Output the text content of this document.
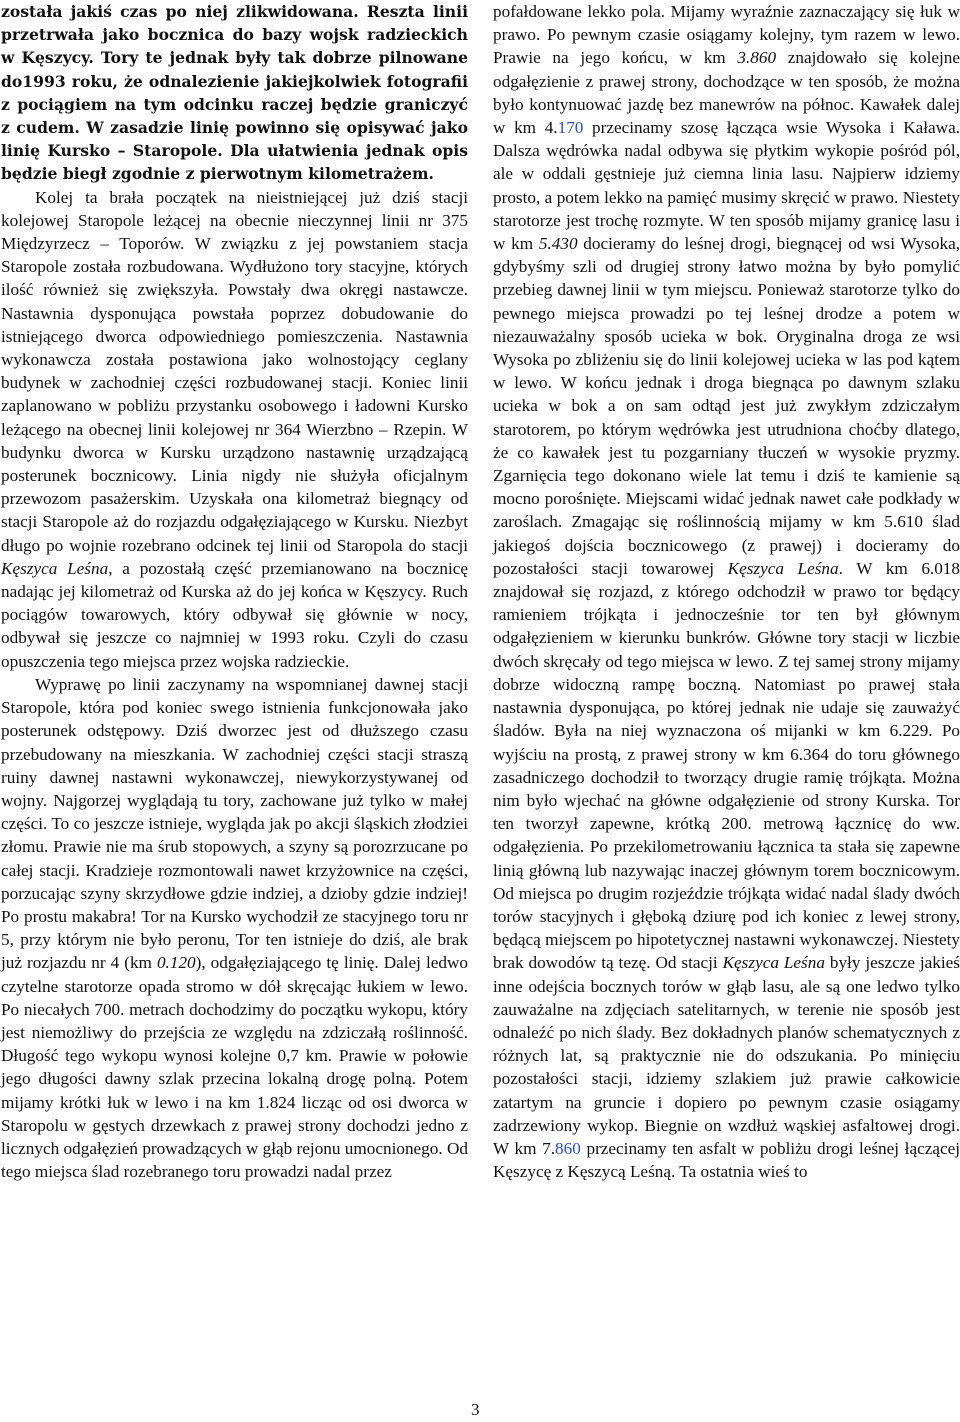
została jakiś czas po niej zlikwidowana. Reszta linii przetrwała jako bocznica do bazy wojsk radzieckich w Kęszycy. Tory te jednak były tak dobrze pilnowane do1993 roku, że odnalezienie jakiejkolwiek fotografii z pociągiem na tym odcinku raczej będzie graniczyć z cudem. W zasadzie linię powinno się opisywać jako linię Kursko – Staropole. Dla ułatwienia jednak opis będzie biegł zgodnie z pierwotnym kilometrażem.

Kolej ta brała początek na nieistniejącej już dziś stacji kolejowej Staropole leżącej na obecnie nieczynnej linii nr 375 Międzyrzecz – Toporów. W związku z jej powstaniem stacja Staropole została rozbudowana. Wydłużono tory stacyjne, których ilość również się zwiększyła. Powstały dwa okręgi nastawcze. Nastawnia dysponująca powstała poprzez dobudowanie do istniejącego dworca odpowiedniego pomieszczenia. Nastawnia wykonawcza została postawiona jako wolnostojący ceglany budynek w zachodniej części rozbudowanej stacji. Koniec linii zaplanowano w pobliżu przystanku osobowego i ładowni Kursko leżącego na obecnej linii kolejowej nr 364 Wierzbno – Rzepin. W budynku dworca w Kursku urządzono nastawnię urządzającą posterunek bocznicowy. Linia nigdy nie służyła oficjalnym przewozom pasażerskim. Uzyskała ona kilometraż biegnący od stacji Staropole aż do rozjazdu odgałęziającego w Kursku. Niezbyt długo po wojnie rozebrano odcinek tej linii od Staropola do stacji Kęszyca Leśna, a pozostałą część przemianowano na bocznicę nadając jej kilometraż od Kurska aż do jej końca w Kęszycy. Ruch pociągów towarowych, który odbywał się głównie w nocy, odbywał się jeszcze co najmniej w 1993 roku. Czyli do czasu opuszczenia tego miejsca przez wojska radzieckie.

Wyprawę po linii zaczynamy na wspomnianej dawnej stacji Staropole, która pod koniec swego istnienia funkcjonowała jako posterunek odstępowy. Dziś dworzec jest od dłuższego czasu przebudowany na mieszkania. W zachodniej części stacji straszą ruiny dawnej nastawni wykonawczej, niewykorzystywanej od wojny. Najgorzej wyglądają tu tory, zachowane już tylko w małej części. To co jeszcze istnieje, wygląda jak po akcji śląskich złodziei złomu. Prawie nie ma śrub stopowych, a szyny są porozrzucane po całej stacji. Kradzieje rozmontowali nawet krzyżownice na części, porzucając szyny skrzydłowe gdzie indziej, a dzioby gdzie indziej! Po prostu makabra! Tor na Kursko wychodził ze stacyjnego toru nr 5, przy którym nie było peronu, Tor ten istnieje do dziś, ale brak już rozjazdu nr 4 (km 0.120), odgałęziającego tę linię. Dalej ledwo czytelne starotorze opada stromo w dół skręcając łukiem w lewo. Po niecałych 700. metrach dochodzimy do początku wykopu, który jest niemożliwy do przejścia ze względu na zdziczałą roślinność. Długość tego wykopu wynosi kolejne 0,7 km. Prawie w połowie jego długości dawny szlak przecina lokalną drogę polną. Potem mijamy krótki łuk w lewo i na km 1.824 licząc od osi dworca w Staropolu w gęstych drzewkach z prawej strony dochodzi jedno z licznych odgałęzień prowadzących w głąb rejonu umocnionego. Od tego miejsca ślad rozebranego toru prowadzi nadal przez

pofałdowane lekko pola. Mijamy wyraźnie zaznaczający się łuk w prawo. Po pewnym czasie osiągamy kolejny, tym razem w lewo. Prawie na jego końcu, w km 3.860 znajdowało się kolejne odgałęzienie z prawej strony, dochodzące w ten sposób, że można było kontynuować jazdę bez manewrów na północ. Kawałek dalej w km 4.170 przecinamy szosę łącząca wsie Wysoka i Kaława. Dalsza wędrówka nadal odbywa się płytkim wykopie pośród pól, ale w oddali gęstnieje już ciemna linia lasu. Najpierw idziemy prosto, a potem lekko na pamięć musimy skręcić w prawo. Niestety starotorze jest trochę rozmyte. W ten sposób mijamy granicę lasu i w km 5.430 docieramy do leśnej drogi, biegnącej od wsi Wysoka, gdybyśmy szli od drugiej strony łatwo można by było pomylić przebieg dawnej linii w tym miejscu. Ponieważ starotorze tylko do pewnego miejsca prowadzi po tej leśnej drodze a potem w niezauważalny sposób ucieka w bok. Oryginalna droga ze wsi Wysoka po zbliżeniu się do linii kolejowej ucieka w las pod kątem w lewo. W końcu jednak i droga biegnąca po dawnym szlaku ucieka w bok a on sam odtąd jest już zwykłym zdziczałym starotorem, po którym wędrówka jest utrudniona choćby dlatego, że co kawałek jest tu pozgarniany tłuczeń w wysokie pryzmy. Zgarnięcia tego dokonano wiele lat temu i dziś te kamienie są mocno porośnięte. Miejscami widać jednak nawet całe podkłady w zaroślach. Zmagając się roślinnością mijamy w km 5.610 ślad jakiegoś dojścia bocznicowego (z prawej) i docieramy do pozostałości stacji towarowej Kęszyca Leśna. W km 6.018 znajdował się rozjazd, z którego odchodził w prawo tor będący ramieniem trójkąta i jednocześnie tor ten był głównym odgałęzieniem w kierunku bunkrów. Główne tory stacji w liczbie dwóch skręcały od tego miejsca w lewo. Z tej samej strony mijamy dobrze widoczną rampę boczną. Natomiast po prawej stała nastawnia dysponująca, po której jednak nie udaje się zauważyć śladów. Była na niej wyznaczona oś mijanki w km 6.229. Po wyjściu na prostą, z prawej strony w km 6.364 do toru głównego zasadniczego dochodził to tworzący drugie ramię trójkąta. Można nim było wjechać na główne odgałęzienie od strony Kurska. Tor ten tworzył zapewne, krótką 200. metrową łącznicę do ww. odgałęzienia. Po przekilometrowaniu łącznica ta stała się zapewne linią główną lub nazywając inaczej głównym torem bocznicowym. Od miejsca po drugim rozjeździe trójkąta widać nadal ślady dwóch torów stacyjnych i głęboką dziurę pod ich koniec z lewej strony, będącą miejscem po hipotetycznej nastawni wykonawczej. Niestety brak dowodów tą tezę. Od stacji Kęszyca Leśna były jeszcze jakieś inne odejścia bocznych torów w głąb lasu, ale są one ledwo tylko zauważalne na zdjęciach satelitarnych, w terenie nie sposób jest odnaleźć po nich ślady. Bez dokładnych planów schematycznych z różnych lat, są praktycznie nie do odszukania. Po minięciu pozostałości stacji, idziemy szlakiem już prawie całkowicie zatartym na gruncie i dopiero po pewnym czasie osiągamy zadrzewiony wykop. Biegnie on wzdłuż wąskiej asfaltowej drogi. W km 7.860 przecinamy ten asfalt w pobliżu drogi leśnej łączącej Kęszycę z Kęszycą Leśną. Ta ostatnia wieś to

3
